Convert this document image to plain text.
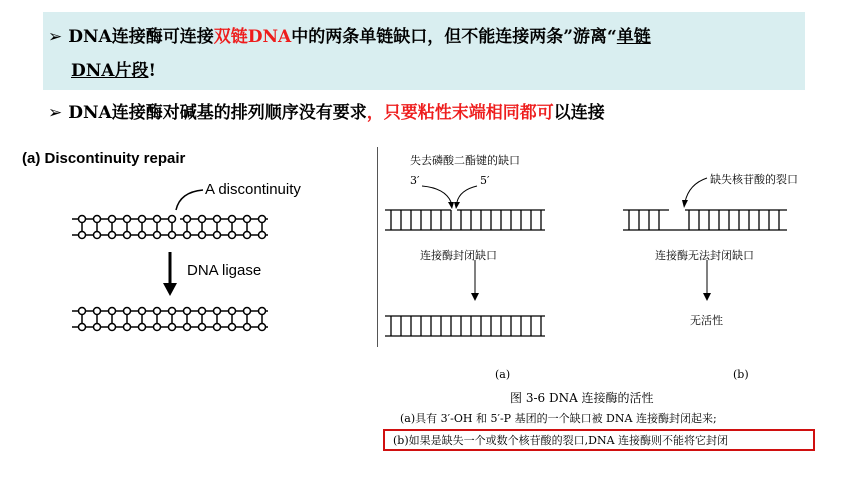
➢ DNA连接酶可连接双链DNA中的两条单链缺口，但不能连接两条”游离“单链
DNA片段!
➢ DNA连接酶对碱基的排列顺序没有要求，只要粘性末端相同都可以连接
(a) Discontinuity repair
A discontinuity
DNA ligase
失去磷酸二酯键的缺口
3′	5′	缺失核苷酸的裂口
连接酶封闭缺口	连接酶无法封闭缺口
无活性
(a)	(b)
图 3-6 DNA 连接酶的活性
(a)具有 3′-OH 和 5′-P 基团的一个缺口被 DNA 连接酶封闭起来;
(b)如果是缺失一个或数个核苷酸的裂口,DNA 连接酶则不能将它封闭
